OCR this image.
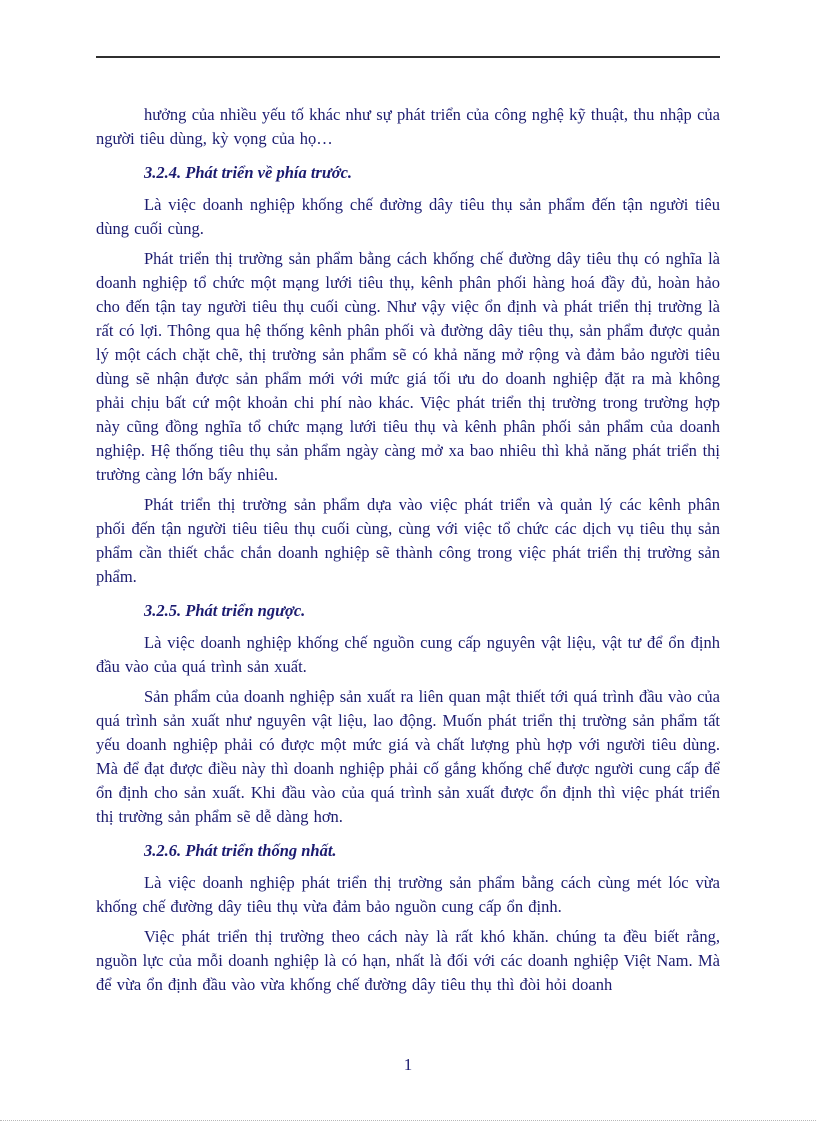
hưởng của nhiều yếu tố khác như sự phát triển của công nghệ kỹ thuật, thu nhập của người tiêu dùng, kỳ vọng của họ…

3.2.4. Phát triển về phía trước.

Là việc doanh nghiệp khống chế đường dây tiêu thụ sản phẩm đến tận người tiêu dùng cuối cùng.

Phát triển thị trường sản phẩm bằng cách khống chế đường dây tiêu thụ có nghĩa là doanh nghiệp tổ chức một mạng lưới tiêu thụ, kênh phân phối hàng hoá đầy đủ, hoàn hảo cho đến tận tay người tiêu thụ cuối cùng. Như vậy việc ổn định và phát triển thị trường là rất có lợi. Thông qua hệ thống kênh phân phối và đường dây tiêu thụ, sản phẩm được quản lý một cách chặt chẽ, thị trường sản phẩm sẽ có khả năng mở rộng và đảm bảo người tiêu dùng sẽ nhận được sản phẩm mới với mức giá tối ưu do doanh nghiệp đặt ra mà không phải chịu bất cứ một khoản chi phí nào khác. Việc phát triển thị trường trong trường hợp này cũng đồng nghĩa tổ chức mạng lưới tiêu thụ và kênh phân phối sản phẩm của doanh nghiệp. Hệ thống tiêu thụ sản phẩm ngày càng mở xa bao nhiêu thì khả năng phát triển thị trường càng lớn bấy nhiêu.

Phát triển thị trường sản phẩm dựa vào việc phát triển và quản lý các kênh phân phối đến tận người tiêu tiêu thụ cuối cùng, cùng với việc tổ chức các dịch vụ tiêu thụ sản phẩm cần thiết chắc chắn doanh nghiệp sẽ thành công trong việc phát triển thị trường sản phẩm.

3.2.5. Phát triển ngược.

Là việc doanh nghiệp khống chế nguồn cung cấp nguyên vật liệu, vật tư để ổn định đầu vào của quá trình sản xuất.

Sản phẩm của doanh nghiệp sản xuất ra liên quan mật thiết tới quá trình đầu vào của quá trình sản xuất như nguyên vật liệu, lao động. Muốn phát triển thị trường sản phẩm tất yếu doanh nghiệp phải có được một mức giá và chất lượng phù hợp với người tiêu dùng. Mà để đạt được điều này thì doanh nghiệp phải cố gắng khống chế được người cung cấp để ổn định cho sản xuất. Khi đầu vào của quá trình sản xuất được ổn định thì việc phát triển thị trường sản phẩm sẽ dễ dàng hơn.

3.2.6. Phát triển thống nhất.

Là việc doanh nghiệp phát triển thị trường sản phẩm bằng cách cùng mét lóc vừa khống chế đường dây tiêu thụ vừa đảm bảo nguồn cung cấp ổn định.

Việc phát triển thị trường theo cách này là rất khó khăn. chúng ta đều biết rằng, nguồn lực của mỗi doanh nghiệp là có hạn, nhất là đối với các doanh nghiệp Việt Nam. Mà để vừa ổn định đầu vào vừa khống chế đường dây tiêu thụ thì đòi hỏi doanh

1
